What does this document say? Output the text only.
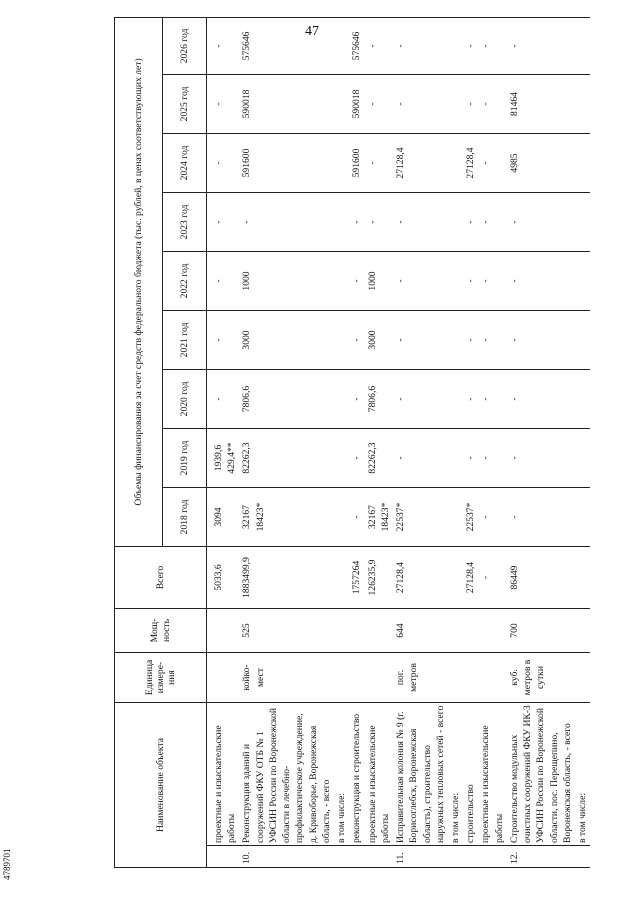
47
4789701
Наименование объекта		Единица измере-ния	Мощ-ность	Всего	Объемы финансирования за счет средств федерального бюджета (тыс. рублей, в ценах соответствующих лет)								
					2018 год	2019 год	2020 год	2021 год	2022 год	2023 год	2024 год	2025 год	2026 год

	проектные и изыскательские работы			5033,6	3094	1939,6 429,4**	-	-	-	-	-	-	-
10.	Реконструкция зданий и сооружений ФКУ ОТБ № 1 УФСИН России по Воронежской области в лечебно-профилактическое учреждение, д. Кривоборье, Воронежская область, - всего	койко-мест	525	1883499,9	32167 18423*	82262,3	7806,6	3000	1000	-	591600	590018	575646
	в том числе:												
	реконструкция и строительство			1757264	-	-	-	-	-	-	591600	590018	575646
	проектные и изыскательские работы			126235,9	32167 18423*	82262,3	7806,6	3000	1000	-	-	-	-
11.	Исправительная колония № 9 (г. Борисоглебск, Воронежская область), строительство наружных тепловых сетей - всего	пог. метров	644	27128,4	22537*	-	-	-	-	-	27128,4	-	-
	в том числе:												
	строительство			27128,4	22537*	-	-	-	-	-	27128,4	-	-
	проектные и изыскательские работы			-	-	-	-	-	-	-	-	-	-
12.	Строительство модульных очистных сооружений ФКУ ИК-3 УФСИН России по Воронежской области, пос. Перещепино, Воронежская область, - всего	куб. метров в сутки	700	86449	-	-	-	-	-	-	4985	81464	-
	в том числе:												
